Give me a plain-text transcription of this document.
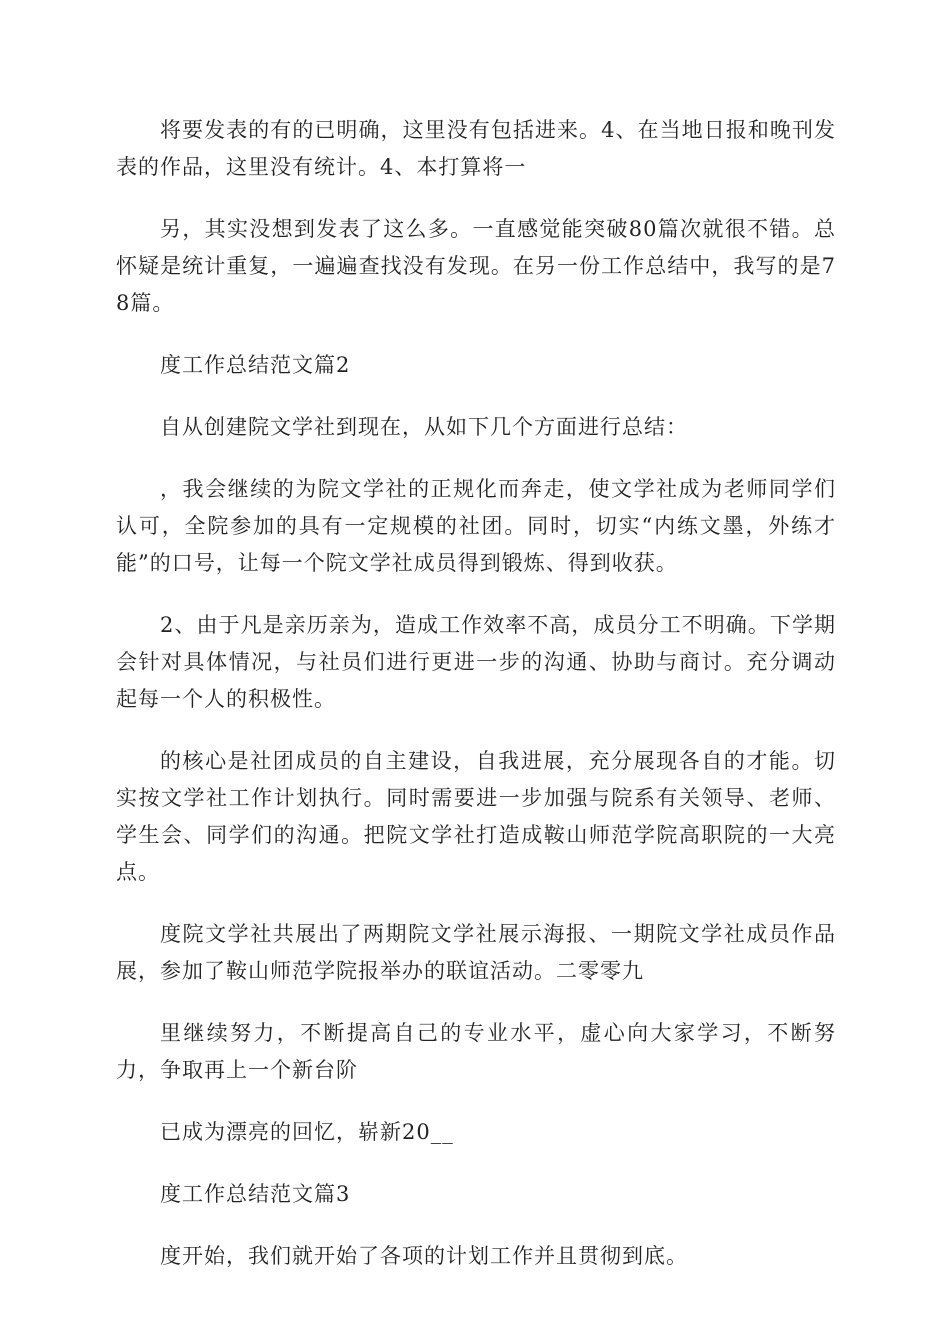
将要发表的有的已明确，这里没有包括进来。4、在当地日报和晚刊发表的作品，这里没有统计。4、本打算将一

另，其实没想到发表了这么多。一直感觉能突破80篇次就很不错。总怀疑是统计重复，一遍遍查找没有发现。在另一份工作总结中，我写的是78篇。

度工作总结范文篇2

自从创建院文学社到现在，从如下几个方面进行总结：

，我会继续的为院文学社的正规化而奔走，使文学社成为老师同学们认可，全院参加的具有一定规模的社团。同时，切实“内练文墨，外练才能”的口号，让每一个院文学社成员得到锻炼、得到收获。

2、由于凡是亲历亲为，造成工作效率不高，成员分工不明确。下学期会针对具体情况，与社员们进行更进一步的沟通、协助与商讨。充分调动起每一个人的积极性。

的核心是社团成员的自主建设，自我进展，充分展现各自的才能。切实按文学社工作计划执行。同时需要进一步加强与院系有关领导、老师、学生会、同学们的沟通。把院文学社打造成鞍山师范学院高职院的一大亮点。

度院文学社共展出了两期院文学社展示海报、一期院文学社成员作品展，参加了鞍山师范学院报举办的联谊活动。二零零九

里继续努力，不断提高自己的专业水平，虚心向大家学习，不断努力，争取再上一个新台阶

已成为漂亮的回忆，崭新20__

度工作总结范文篇3

度开始，我们就开始了各项的计划工作并且贯彻到底。
